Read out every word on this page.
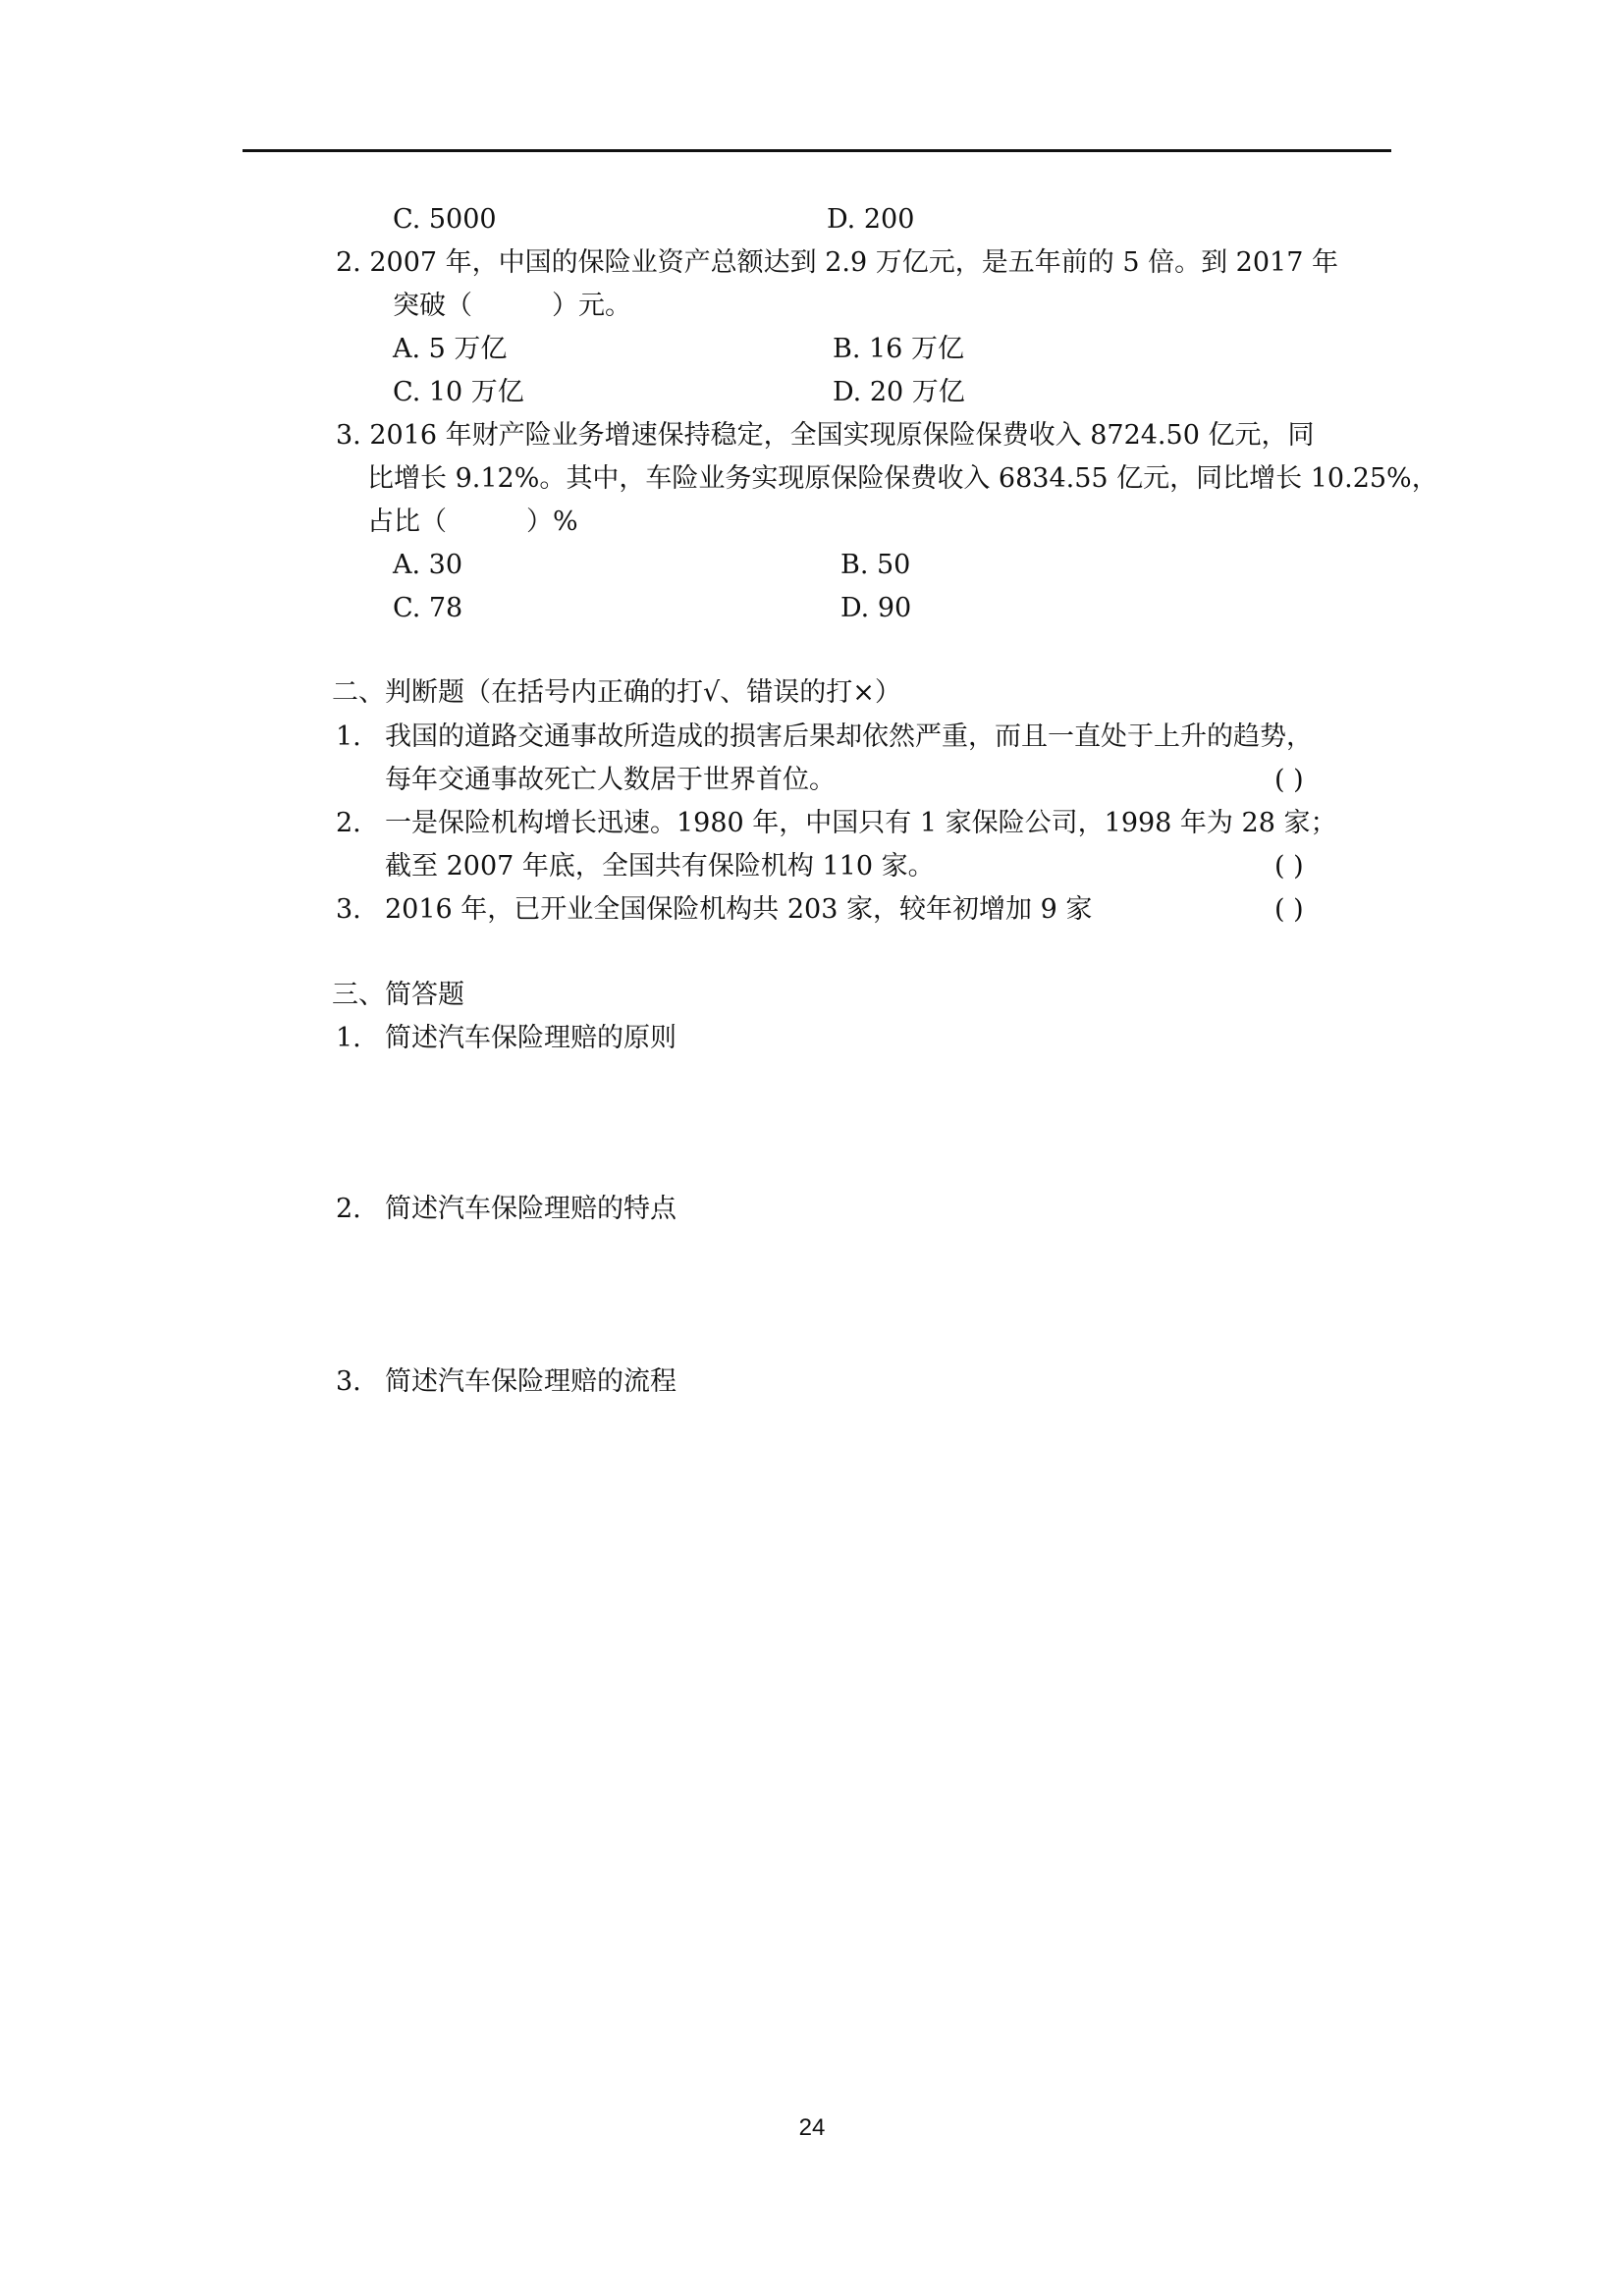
C. 5000	D. 200
2. 2007 年，中国的保险业资产总额达到 2.9 万亿元，是五年前的 5 倍。到 2017 年
突破（　　　）元。
A. 5 万亿	B. 16 万亿
C. 10 万亿	D. 20 万亿
3. 2016 年财产险业务增速保持稳定，全国实现原保险保费收入 8724.50 亿元，同
比增长 9.12%。其中，车险业务实现原保险保费收入 6834.55 亿元，同比增长 10.25%，
占比（　　　）%
A. 30	B. 50
C. 78	D. 90
二、判断题（在括号内正确的打√、错误的打×）
1. 我国的道路交通事故所造成的损害后果却依然严重，而且一直处于上升的趋势，
每年交通事故死亡人数居于世界首位。	( )
2. 一是保险机构增长迅速。1980 年，中国只有 1 家保险公司，1998 年为 28 家；
截至 2007 年底，全国共有保险机构 110 家。	( )
3. 2016 年，已开业全国保险机构共 203 家，较年初增加 9 家	( )
三、简答题
1. 简述汽车保险理赔的原则
2. 简述汽车保险理赔的特点
3. 简述汽车保险理赔的流程
24
